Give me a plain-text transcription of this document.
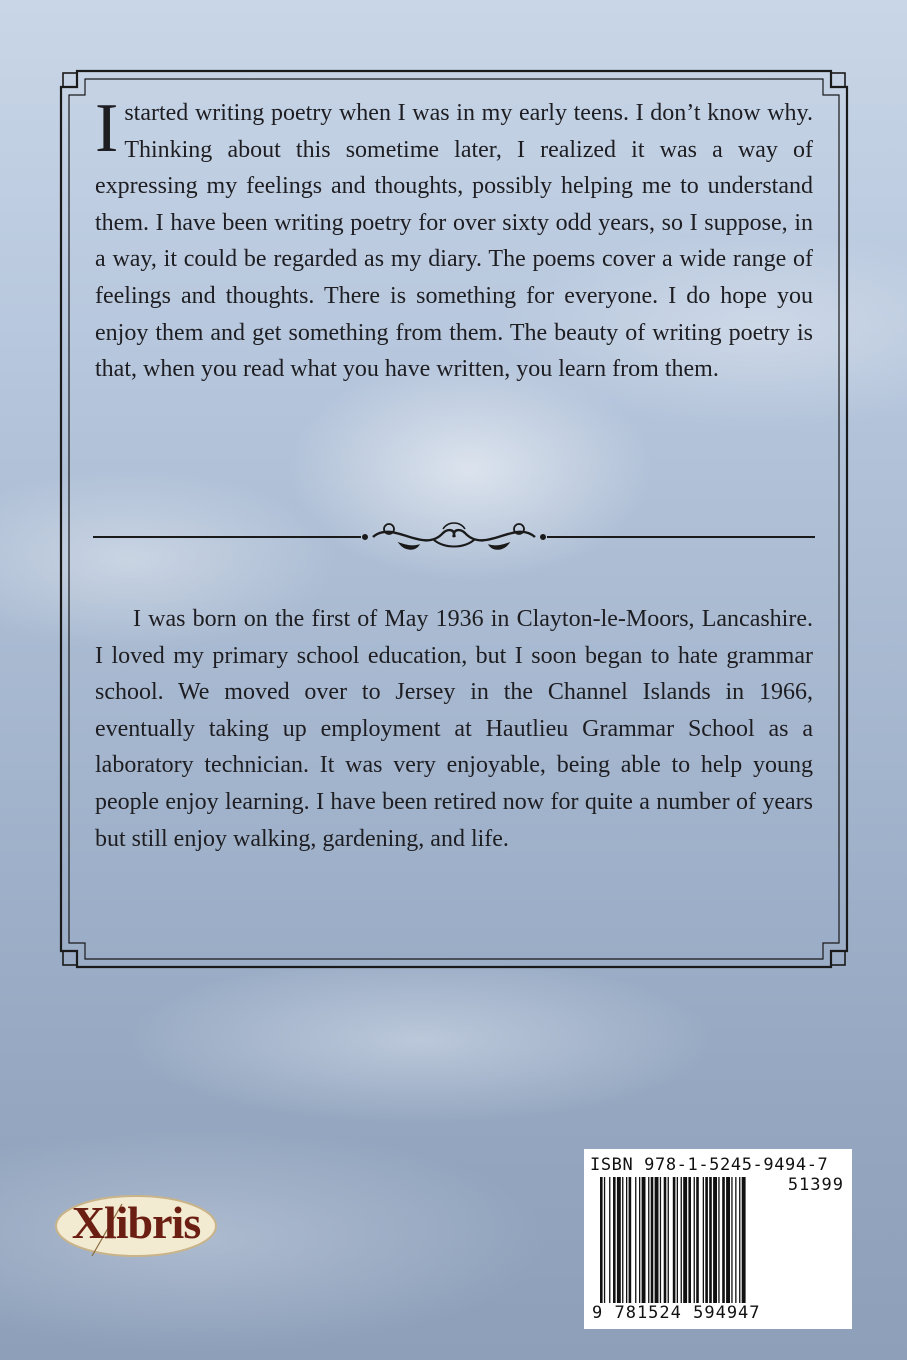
Istarted writing poetry when I was in my early teens. I don’t know why. Thinking about this sometime later, I realized it was a way of expressing my feelings and thoughts, possibly helping me to understand them. I have been writing poetry for over sixty odd years, so I suppose, in a way, it could be regarded as my diary. The poems cover a wide range of feelings and thoughts. There is something for everyone. I do hope you enjoy them and get something from them. The beauty of writing poetry is that, when you read what you have written, you learn from them.
I was born on the first of May 1936 in Clayton-le-Moors, Lancashire. I loved my primary school education, but I soon began to hate grammar school. We moved over to Jersey in the Channel Islands in 1966, eventually taking up employment at Hautlieu Grammar School as a laboratory technician. It was very enjoyable, being able to help young people enjoy learning. I have been retired now for quite a number of years but still enjoy walking, gardening, and life.
Xlibris
ISBN 978-1-5245-9494-7
51399
9 781524 594947
